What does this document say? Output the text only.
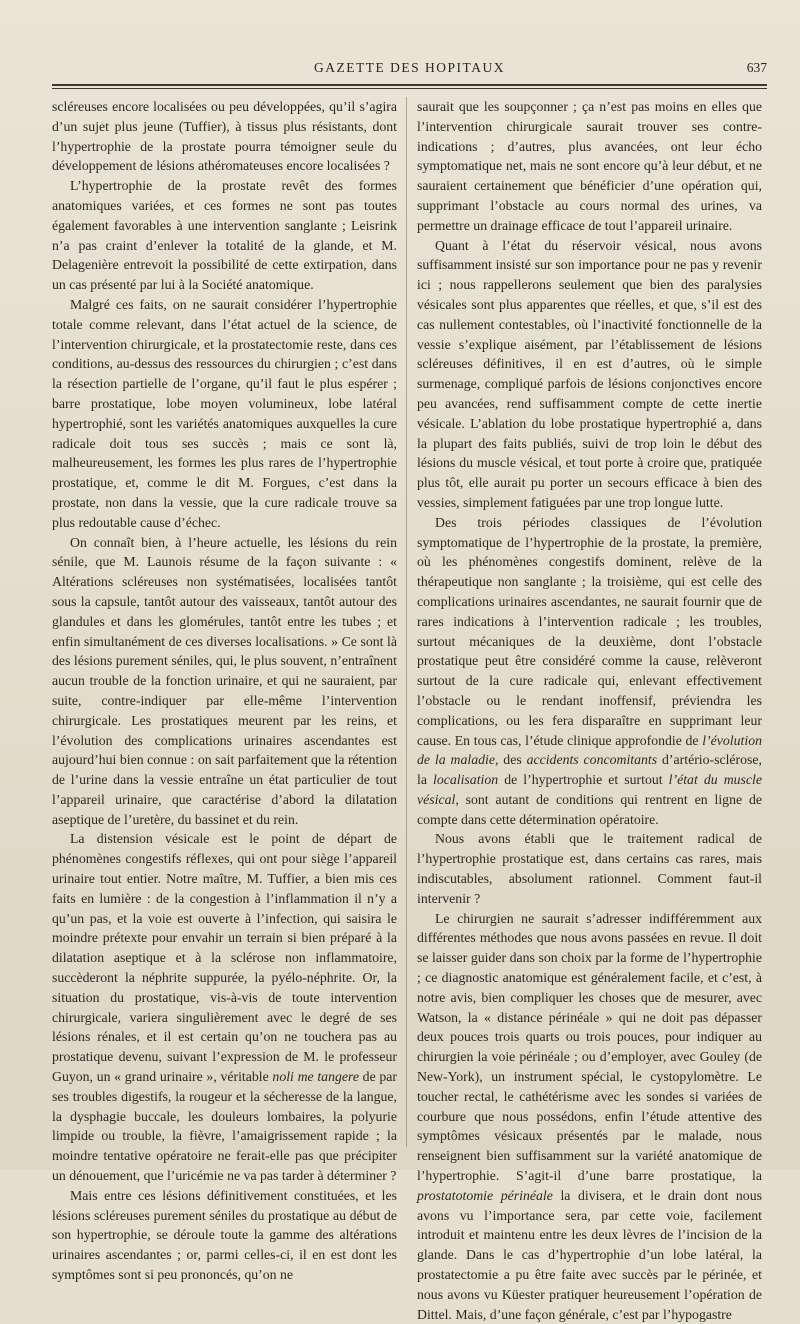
GAZETTE DES HOPITAUX	637

scléreuses encore localisées ou peu développées, qu’il s’agira d’un sujet plus jeune (Tuffier), à tissus plus résistants, dont l’hypertrophie de la prostate pourra témoigner seule du développement de lésions athéromateuses encore localisées ?

L’hypertrophie de la prostate revêt des formes anatomiques variées, et ces formes ne sont pas toutes également favorables à une intervention sanglante ; Leisrink n’a pas craint d’enlever la totalité de la glande, et M. Delagenière entrevoit la possibilité de cette extirpation, dans un cas présenté par lui à la Société anatomique.

Malgré ces faits, on ne saurait considérer l’hypertrophie totale comme relevant, dans l’état actuel de la science, de l’intervention chirurgicale, et la prostatectomie reste, dans ces conditions, au-dessus des ressources du chirurgien ; c’est dans la résection partielle de l’organe, qu’il faut le plus espérer ; barre prostatique, lobe moyen volumineux, lobe latéral hypertrophié, sont les variétés anatomiques auxquelles la cure radicale doit tous ses succès ; mais ce sont là, malheureusement, les formes les plus rares de l’hypertrophie prostatique, et, comme le dit M. Forgues, c’est dans la prostate, non dans la vessie, que la cure radicale trouve sa plus redoutable cause d’échec.

On connaît bien, à l’heure actuelle, les lésions du rein sénile, que M. Launois résume de la façon suivante : « Altérations scléreuses non systématisées, localisées tantôt sous la capsule, tantôt autour des vaisseaux, tantôt autour des glandules et dans les glomérules, tantôt entre les tubes ; et enfin simultanément de ces diverses localisations. » Ce sont là des lésions purement séniles, qui, le plus souvent, n’entraînent aucun trouble de la fonction urinaire, et qui ne sauraient, par suite, contre-indiquer par elle-même l’intervention chirurgicale. Les prostatiques meurent par les reins, et l’évolution des complications urinaires ascendantes est aujourd’hui bien connue : on sait parfaitement que la rétention de l’urine dans la vessie entraîne un état particulier de tout l’appareil urinaire, que caractérise d’abord la dilatation aseptique de l’uretère, du bassinet et du rein.

La distension vésicale est le point de départ de phénomènes congestifs réflexes, qui ont pour siège l’appareil urinaire tout entier. Notre maître, M. Tuffier, a bien mis ces faits en lumière : de la congestion à l’inflammation il n’y a qu’un pas, et la voie est ouverte à l’infection, qui saisira le moindre prétexte pour envahir un terrain si bien préparé à la dilatation aseptique et à la sclérose non inflammatoire, succèderont la néphrite suppurée, la pyélo-néphrite. Or, la situation du prostatique, vis-à-vis de toute intervention chirurgicale, variera singulièrement avec le degré de ses lésions rénales, et il est certain qu’on ne touchera pas au prostatique devenu, suivant l’expression de M. le professeur Guyon, un « grand urinaire », véritable noli me tangere de par ses troubles digestifs, la rougeur et la sécheresse de la langue, la dysphagie buccale, les douleurs lombaires, la polyurie limpide ou trouble, la fièvre, l’amaigrissement rapide ; la moindre tentative opératoire ne ferait-elle pas que précipiter un dénouement, que l’uricémie ne va pas tarder à déterminer ?

Mais entre ces lésions définitivement constituées, et les lésions scléreuses purement séniles du prostatique au début de son hypertrophie, se déroule toute la gamme des altérations urinaires ascendantes ; or, parmi celles-ci, il en est dont les symptômes sont si peu prononcés, qu’on ne

saurait que les soupçonner ; ça n’est pas moins en elles que l’intervention chirurgicale saurait trouver ses contre-indications ; d’autres, plus avancées, ont leur écho symptomatique net, mais ne sont encore qu’à leur début, et ne sauraient certainement que bénéficier d’une opération qui, supprimant l’obstacle au cours normal des urines, va permettre un drainage efficace de tout l’appareil urinaire.

Quant à l’état du réservoir vésical, nous avons suffisamment insisté sur son importance pour ne pas y revenir ici ; nous rappellerons seulement que bien des paralysies vésicales sont plus apparentes que réelles, et que, s’il est des cas nullement contestables, où l’inactivité fonctionnelle de la vessie s’explique aisément, par l’établissement de lésions scléreuses définitives, il en est d’autres, où le simple surmenage, compliqué parfois de lésions conjonctives encore peu avancées, rend suffisamment compte de cette inertie vésicale. L’ablation du lobe prostatique hypertrophié a, dans la plupart des faits publiés, suivi de trop loin le début des lésions du muscle vésical, et tout porte à croire que, pratiquée plus tôt, elle aurait pu porter un secours efficace à bien des vessies, simplement fatiguées par une trop longue lutte.

Des trois périodes classiques de l’évolution symptomatique de l’hypertrophie de la prostate, la première, où les phénomènes congestifs dominent, relève de la thérapeutique non sanglante ; la troisième, qui est celle des complications urinaires ascendantes, ne saurait fournir que de rares indications à l’intervention radicale ; les troubles, surtout mécaniques de la deuxième, dont l’obstacle prostatique peut être considéré comme la cause, relèveront surtout de la cure radicale qui, enlevant effectivement l’obstacle ou le rendant inoffensif, préviendra les complications, ou les fera disparaître en supprimant leur cause. En tous cas, l’étude clinique approfondie de l’évolution de la maladie, des accidents concomitants d’artério-sclérose, la localisation de l’hypertrophie et surtout l’état du muscle vésical, sont autant de conditions qui rentrent en ligne de compte dans cette détermination opératoire.

Nous avons établi que le traitement radical de l’hypertrophie prostatique est, dans certains cas rares, mais indiscutables, absolument rationnel. Comment faut-il intervenir ?

Le chirurgien ne saurait s’adresser indifféremment aux différentes méthodes que nous avons passées en revue. Il doit se laisser guider dans son choix par la forme de l’hypertrophie ; ce diagnostic anatomique est généralement facile, et c’est, à notre avis, bien compliquer les choses que de mesurer, avec Watson, la « distance périnéale » qui ne doit pas dépasser deux pouces trois quarts ou trois pouces, pour indiquer au chirurgien la voie périnéale ; ou d’employer, avec Gouley (de New-York), un instrument spécial, le cystopylomètre. Le toucher rectal, le cathétérisme avec les sondes si variées de courbure que nous possédons, enfin l’étude attentive des symptômes vésicaux présentés par le malade, nous renseignent bien suffisamment sur la variété anatomique de l’hypertrophie. S’agit-il d’une barre prostatique, la prostatotomie périnéale la divisera, et le drain dont nous avons vu l’importance sera, par cette voie, facilement introduit et maintenu entre les deux lèvres de l’incision de la glande. Dans le cas d’hypertrophie d’un lobe latéral, la prostatectomie a pu être faite avec succès par le périnée, et nous avons vu Küester pratiquer heureusement l’opération de Dittel. Mais, d’une façon générale, c’est par l’hypogastre
